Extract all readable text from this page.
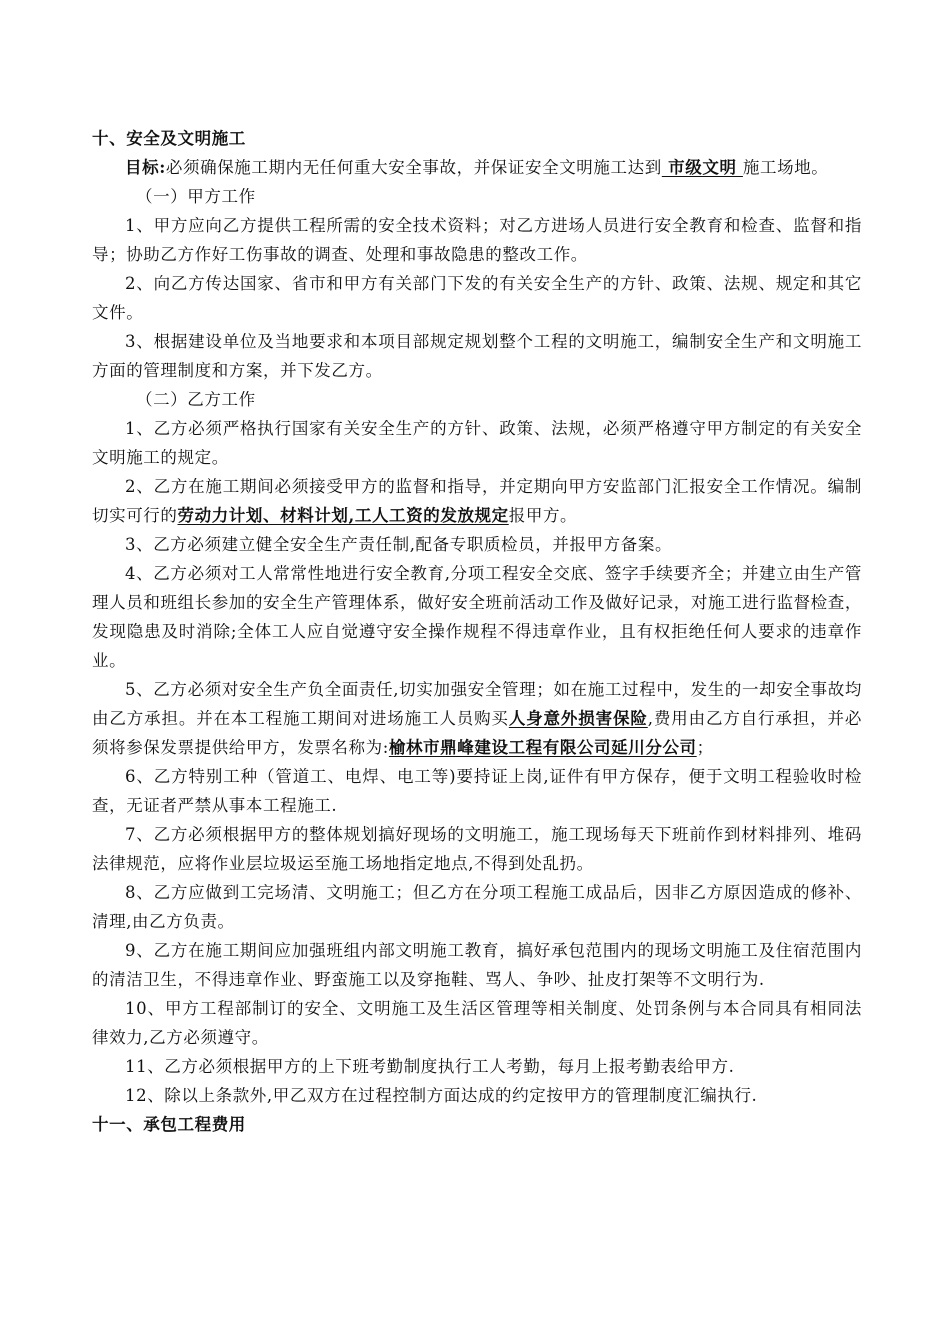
十、安全及文明施工

目标:必须确保施工期内无任何重大安全事故，并保证安全文明施工达到 市级文明 施工场地。

（一）甲方工作

1、甲方应向乙方提供工程所需的安全技术资料；对乙方进场人员进行安全教育和检查、监督和指导；协助乙方作好工伤事故的调查、处理和事故隐患的整改工作。

2、向乙方传达国家、省市和甲方有关部门下发的有关安全生产的方针、政策、法规、规定和其它文件。

3、根据建设单位及当地要求和本项目部规定规划整个工程的文明施工，编制安全生产和文明施工方面的管理制度和方案，并下发乙方。

（二）乙方工作

1、乙方必须严格执行国家有关安全生产的方针、政策、法规，必须严格遵守甲方制定的有关安全文明施工的规定。

2、乙方在施工期间必须接受甲方的监督和指导，并定期向甲方安监部门汇报安全工作情况。编制切实可行的劳动力计划、材料计划,工人工资的发放规定报甲方。

3、乙方必须建立健全安全生产责任制,配备专职质检员，并报甲方备案。

4、乙方必须对工人常常性地进行安全教育,分项工程安全交底、签字手续要齐全；并建立由生产管理人员和班组长参加的安全生产管理体系，做好安全班前活动工作及做好记录，对施工进行监督检查，发现隐患及时消除;全体工人应自觉遵守安全操作规程不得违章作业，且有权拒绝任何人要求的违章作业。

5、乙方必须对安全生产负全面责任,切实加强安全管理；如在施工过程中，发生的一却安全事故均由乙方承担。并在本工程施工期间对进场施工人员购买人身意外损害保险,费用由乙方自行承担，并必须将参保发票提供给甲方，发票名称为:榆林市鼎峰建设工程有限公司延川分公司；

6、乙方特别工种（管道工、电焊、电工等)要持证上岗,证件有甲方保存，便于文明工程验收时检查，无证者严禁从事本工程施工.

7、乙方必须根据甲方的整体规划搞好现场的文明施工，施工现场每天下班前作到材料排列、堆码法律规范，应将作业层垃圾运至施工场地指定地点,不得到处乱扔。

8、乙方应做到工完场清、文明施工；但乙方在分项工程施工成品后，因非乙方原因造成的修补、清理,由乙方负责。

9、乙方在施工期间应加强班组内部文明施工教育，搞好承包范围内的现场文明施工及住宿范围内的清洁卫生，不得违章作业、野蛮施工以及穿拖鞋、骂人、争吵、扯皮打架等不文明行为.

10、甲方工程部制订的安全、文明施工及生活区管理等相关制度、处罚条例与本合同具有相同法律效力,乙方必须遵守。

11、乙方必须根据甲方的上下班考勤制度执行工人考勤，每月上报考勤表给甲方.

12、除以上条款外,甲乙双方在过程控制方面达成的约定按甲方的管理制度汇编执行.

十一、承包工程费用
